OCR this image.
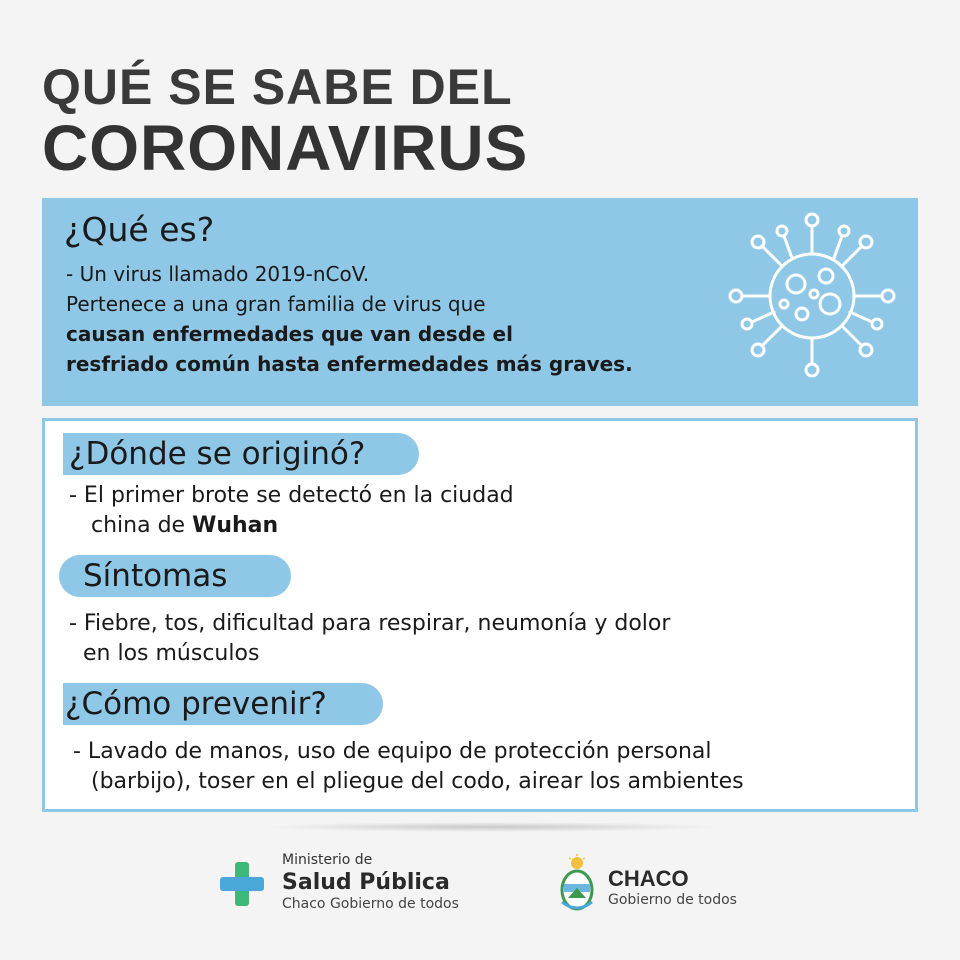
QUÉ SE SABE DEL
CORONAVIRUS
¿Qué es?
- Un virus llamado 2019-nCoV.
Pertenece a una gran familia de virus que
causan enfermedades que van desde el
resfriado común hasta enfermedades más graves.
¿Dónde se originó?
- El primer brote se detectó en la ciudad
china de Wuhan
Síntomas
- Fiebre, tos, dificultad para respirar, neumonía y dolor
en los músculos
¿Cómo prevenir?
- Lavado de manos, uso de equipo de protección personal
(barbijo), toser en el pliegue del codo, airear los ambientes
Ministerio de
Salud Pública
Chaco Gobierno de todos
CHACO
Gobierno de todos
